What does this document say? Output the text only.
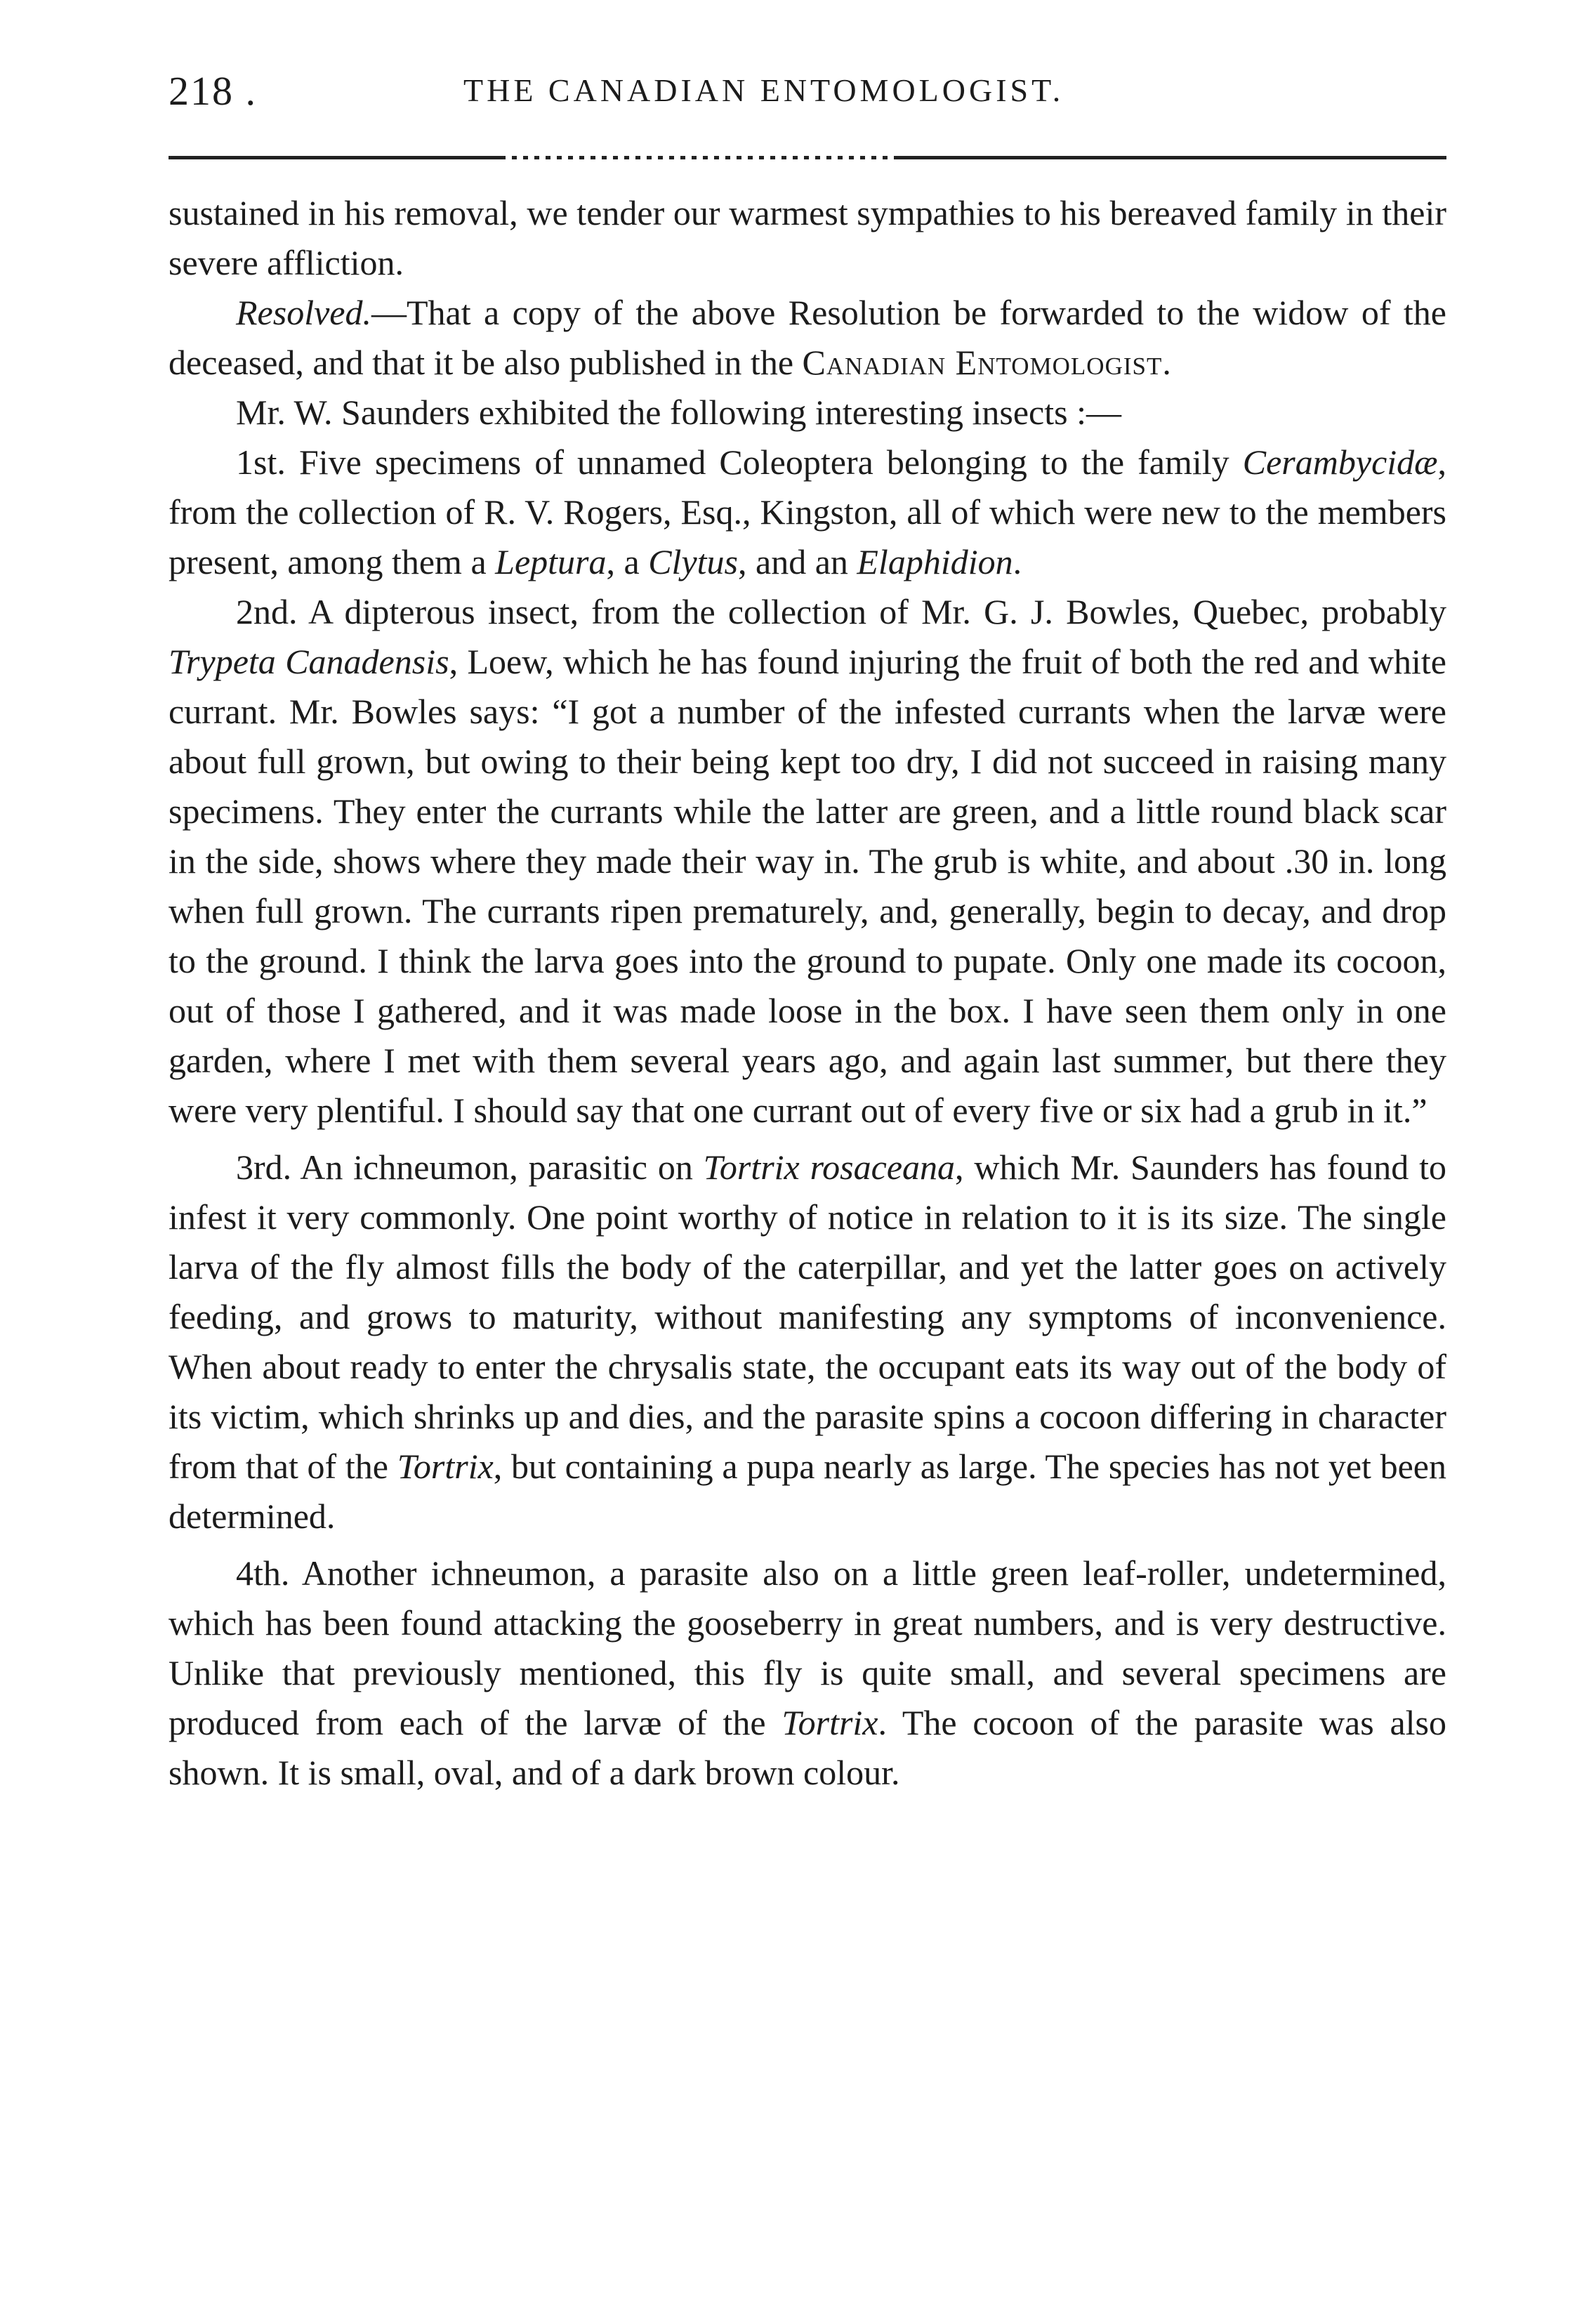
218 .	THE CANADIAN ENTOMOLOGIST.

sustained in his removal, we tender our warmest sympathies to his bereaved family in their severe affliction.

Resolved.—That a copy of the above Resolution be forwarded to the widow of the deceased, and that it be also published in the Canadian Entomologist.

Mr. W. Saunders exhibited the following interesting insects :—

1st. Five specimens of unnamed Coleoptera belonging to the family Cerambycidæ, from the collection of R. V. Rogers, Esq., Kingston, all of which were new to the members present, among them a Leptura, a Clytus, and an Elaphidion.

2nd. A dipterous insect, from the collection of Mr. G. J. Bowles, Quebec, probably Trypeta Canadensis, Loew, which he has found injuring the fruit of both the red and white currant. Mr. Bowles says: “I got a number of the infested currants when the larvæ were about full grown, but owing to their being kept too dry, I did not succeed in raising many specimens. They enter the currants while the latter are green, and a little round black scar in the side, shows where they made their way in. The grub is white, and about .30 in. long when full grown. The currants ripen prematurely, and, generally, begin to decay, and drop to the ground. I think the larva goes into the ground to pupate. Only one made its cocoon, out of those I gathered, and it was made loose in the box. I have seen them only in one garden, where I met with them several years ago, and again last summer, but there they were very plentiful. I should say that one currant out of every five or six had a grub in it.”

3rd. An ichneumon, parasitic on Tortrix rosaceana, which Mr. Saunders has found to infest it very commonly. One point worthy of notice in relation to it is its size. The single larva of the fly almost fills the body of the caterpillar, and yet the latter goes on actively feeding, and grows to maturity, without manifesting any symptoms of inconvenience. When about ready to enter the chrysalis state, the occupant eats its way out of the body of its victim, which shrinks up and dies, and the parasite spins a cocoon differing in character from that of the Tortrix, but containing a pupa nearly as large. The species has not yet been determined.

4th. Another ichneumon, a parasite also on a little green leaf-roller, undetermined, which has been found attacking the gooseberry in great numbers, and is very destructive. Unlike that previously mentioned, this fly is quite small, and several specimens are produced from each of the larvæ of the Tortrix. The cocoon of the parasite was also shown. It is small, oval, and of a dark brown colour.
